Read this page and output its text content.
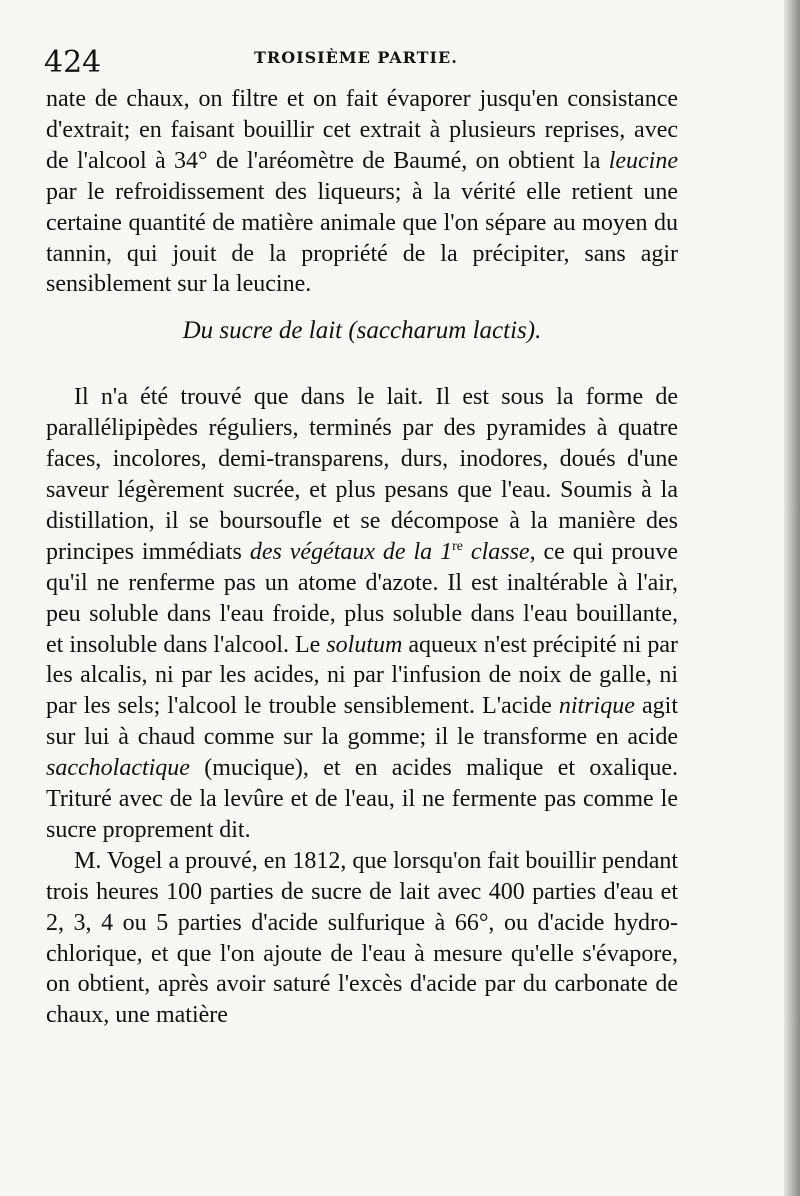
424	TROISIÈME PARTIE.

nate de chaux, on filtre et on fait évaporer jusqu'en consistance d'extrait; en faisant bouillir cet extrait à plusieurs reprises, avec de l'alcool à 34° de l'aréomètre de Baumé, on obtient la leucine par le refroidissement des liqueurs; à la vérité elle retient une certaine quantité de matière animale que l'on sépare au moyen du tannin, qui jouit de la propriété de la précipiter, sans agir sensiblement sur la leucine.

Du sucre de lait (saccharum lactis).

Il n'a été trouvé que dans le lait. Il est sous la forme de parallélipipèdes réguliers, terminés par des pyramides à quatre faces, incolores, demi-transparens, durs, inodores, doués d'une saveur légèrement sucrée, et plus pesans que l'eau. Soumis à la distillation, il se boursoufle et se décompose à la manière des principes immédiats des végétaux de la 1re classe, ce qui prouve qu'il ne renferme pas un atome d'azote. Il est inaltérable à l'air, peu soluble dans l'eau froide, plus soluble dans l'eau bouillante, et insoluble dans l'alcool. Le solutum aqueux n'est précipité ni par les alcalis, ni par les acides, ni par l'infusion de noix de galle, ni par les sels; l'alcool le trouble sensiblement. L'acide nitrique agit sur lui à chaud comme sur la gomme; il le transforme en acide saccholactique (mucique), et en acides malique et oxalique. Trituré avec de la levûre et de l'eau, il ne fermente pas comme le sucre proprement dit.

M. Vogel a prouvé, en 1812, que lorsqu'on fait bouillir pendant trois heures 100 parties de sucre de lait avec 400 parties d'eau et 2, 3, 4 ou 5 parties d'acide sulfurique à 66°, ou d'acide hydro-chlorique, et que l'on ajoute de l'eau à mesure qu'elle s'évapore, on obtient, après avoir saturé l'excès d'acide par du carbonate de chaux, une matière
